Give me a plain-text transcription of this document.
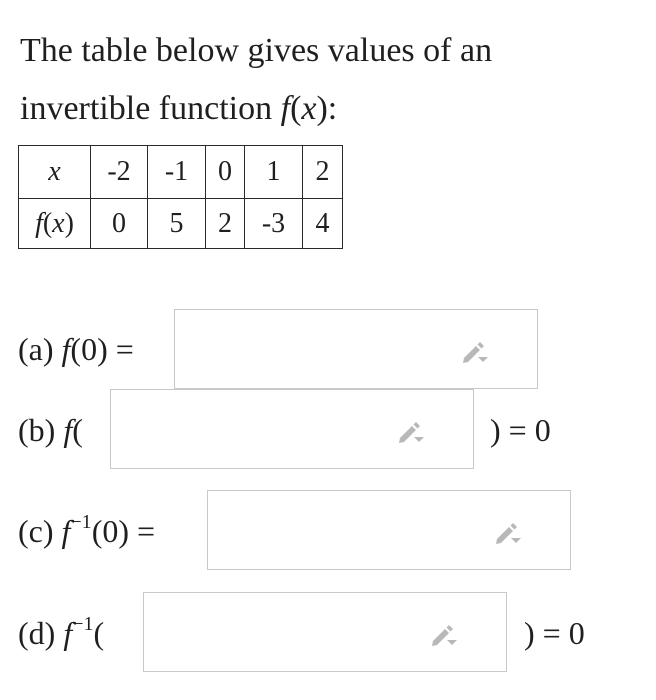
The table below gives values of an
invertible function f(x):
x	-2	-1	0	1	2
f(x)	0	5	2	-3	4
(a) f(0) =
(b) f(	) = 0
(c) $f^{-1}(0)$ =
(d) $f^{-1}$(	) = 0
